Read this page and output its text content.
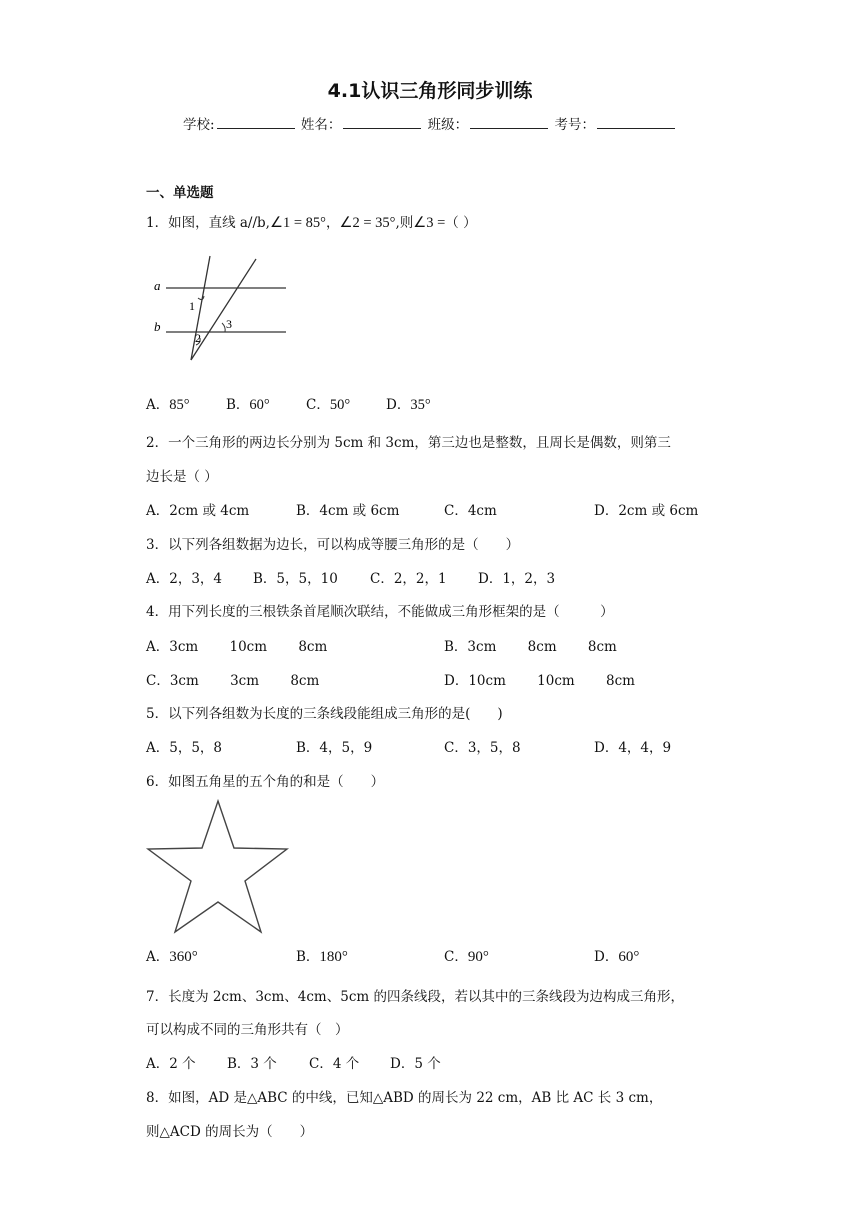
4.1认识三角形同步训练
学校:	姓名：	班级：	考号：
一、单选题
1．如图，直线 a//b,∠1 = 85°，∠2 = 35°,则∠3 =（ ）
a
b
1
2
3
A．85°	B．60°	C．50°	D．35°
2．一个三角形的两边长分别为 5cm 和 3cm，第三边也是整数，且周长是偶数，则第三
边长是（ ）
A．2cm 或 4cm	B．4cm 或 6cm	C．4cm	D．2cm 或 6cm
3．以下列各组数据为边长，可以构成等腰三角形的是（　　）
A．2，3，4 B．5，5，10 C．2，2，1 D．1，2，3
4．用下列长度的三根铁条首尾顺次联结，不能做成三角形框架的是（　　　）
A．3cm　　 10cm　　 8cm	B．3cm　　 8cm　　 8cm
C．3cm　　 3cm　　 8cm	D．10cm　　 10cm　　 8cm
5．以下列各组数为长度的三条线段能组成三角形的是(　　)
A．5，5，8	B．4，5，9	C．3，5，8	D．4，4，9
6．如图五角星的五个角的和是（　　）
A．360°	B．180°	C．90°	D．60°
7．长度为 2cm、3cm、4cm、5cm 的四条线段，若以其中的三条线段为边构成三角形，
可以构成不同的三角形共有（　）
A．2 个 B．3 个 C．4 个 D．5 个
8．如图，AD 是△ABC 的中线，已知△ABD 的周长为 22 cm，AB 比 AC 长 3 cm，
则△ACD 的周长为（　　）
